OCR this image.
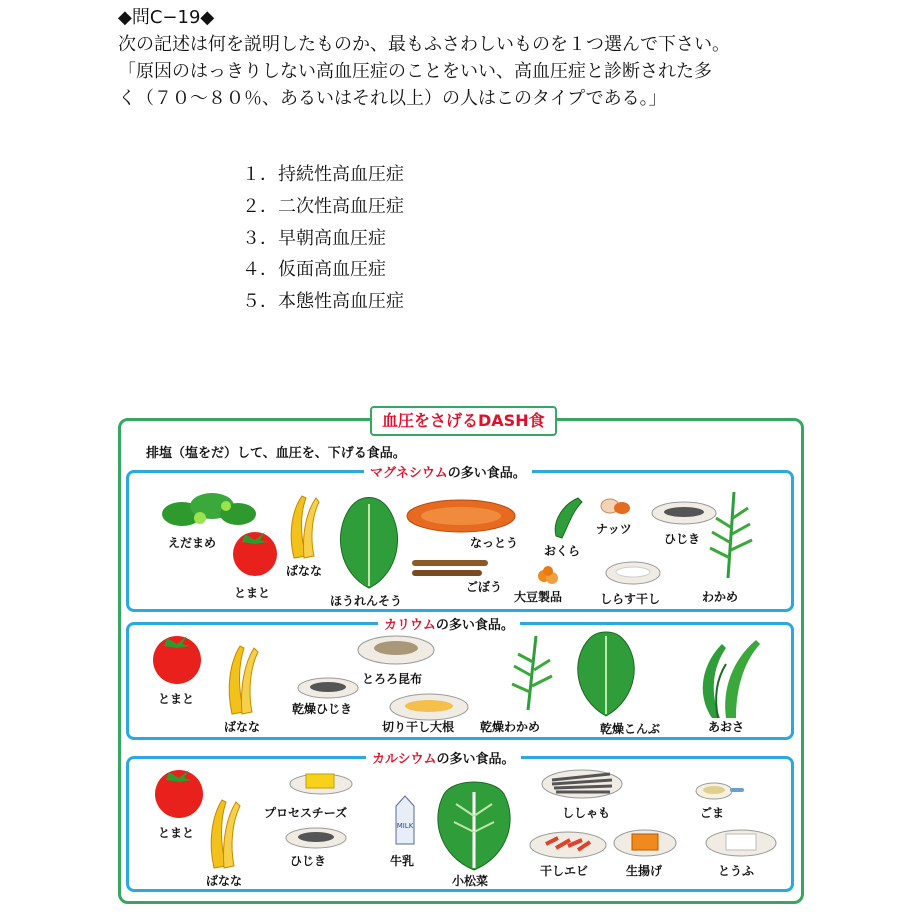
◆問C−19◆
次の記述は何を説明したものか、最もふさわしいものを１つ選んで下さい。
「原因のはっきりしない高血圧症のことをいい、高血圧症と診断された多
く（７０〜８０％、あるいはそれ以上）の人はこのタイプである。」
１．持続性高血圧症
２．二次性高血圧症
３．早朝高血圧症
４．仮面高血圧症
５．本態性高血圧症
血圧をさげるDASH食
排塩（塩をだ）して、血圧を、下げる食品。
マグネシウムの多い食品。
カリウムの多い食品。
カルシウムの多い食品。
えだまめ
とまと
ばなな
ほうれんそう
なっとう
ごぼう
おくら
ナッツ
大豆製品
ひじき
しらす干し	わかめ
とまと
ばなな
乾燥ひじき
とろろ昆布
切り干し大根 乾燥わかめ	乾燥こんぶ	あおさ
MILK
とまと
ばなな
プロセスチーズ
ひじき	牛乳
小松菜
ししゃも	ごま
干しエビ	生揚げ	とうふ
